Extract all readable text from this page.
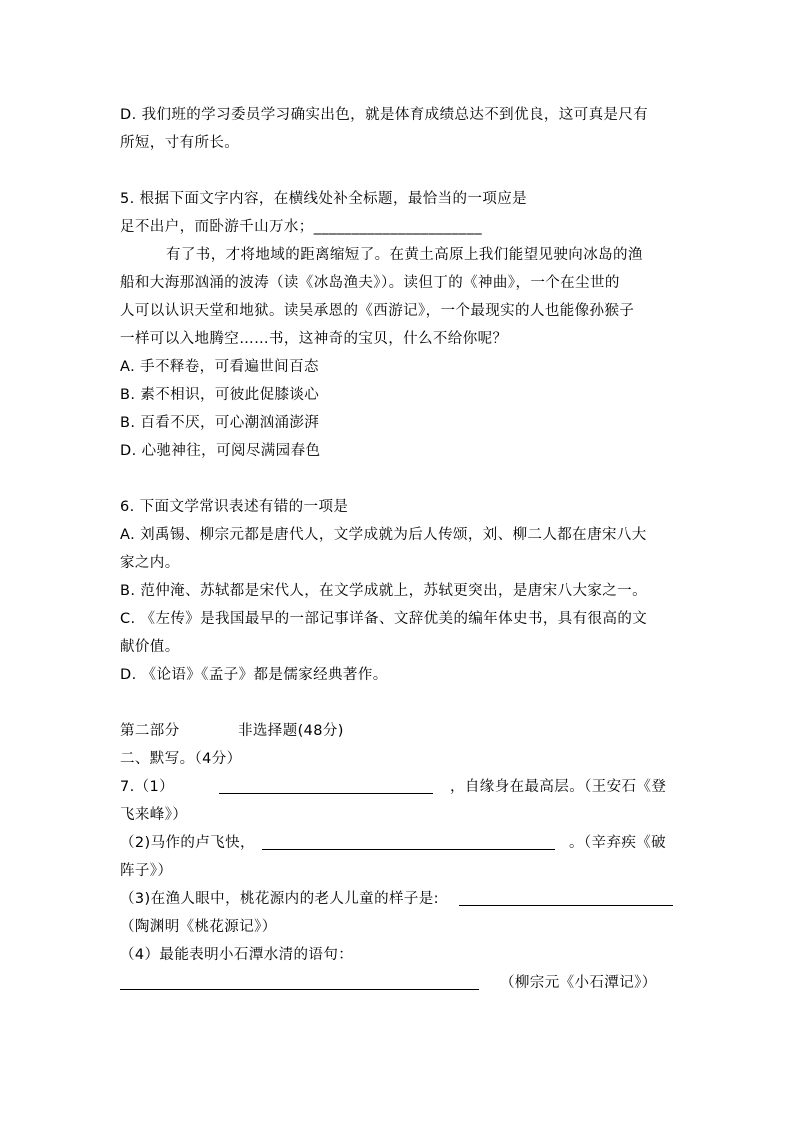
D. 我们班的学习委员学习确实出色，就是体育成绩总达不到优良，这可真是尺有
所短，寸有所长。
5. 根据下面文字内容，在横线处补全标题，最恰当的一项应是
足不出户，而卧游千山万水；______________________
有了书，才将地域的距离缩短了。在黄土高原上我们能望见驶向冰岛的渔
船和大海那汹涌的波涛（读《冰岛渔夫》）。读但丁的《神曲》，一个在尘世的
人可以认识天堂和地狱。读吴承恩的《西游记》，一个最现实的人也能像孙猴子
一样可以入地腾空……书，这神奇的宝贝，什么不给你呢？
A. 手不释卷，可看遍世间百态
B. 素不相识，可彼此促膝谈心
B. 百看不厌，可心潮汹涌澎湃
D. 心驰神往，可阅尽满园春色
6. 下面文学常识表述有错的一项是
A. 刘禹锡、柳宗元都是唐代人，文学成就为后人传颂，刘、柳二人都在唐宋八大
家之内。
B. 范仲淹、苏轼都是宋代人，在文学成就上，苏轼更突出，是唐宋八大家之一。
C. 《左传》是我国最早的一部记事详备、文辞优美的编年体史书，具有很高的文
献价值。
D. 《论语》《孟子》都是儒家经典著作。
第二部分	非选择题(48分)
二、默写。（4分）
7.（1）	，自缘身在最高层。（王安石《登
飞来峰》）
（2)马作的卢飞快，	。（辛弃疾《破
阵子》）
（3)在渔人眼中，桃花源内的老人儿童的样子是:
（陶渊明《桃花源记》）
（4）最能表明小石潭水清的语句：
（柳宗元《小石潭记》）
